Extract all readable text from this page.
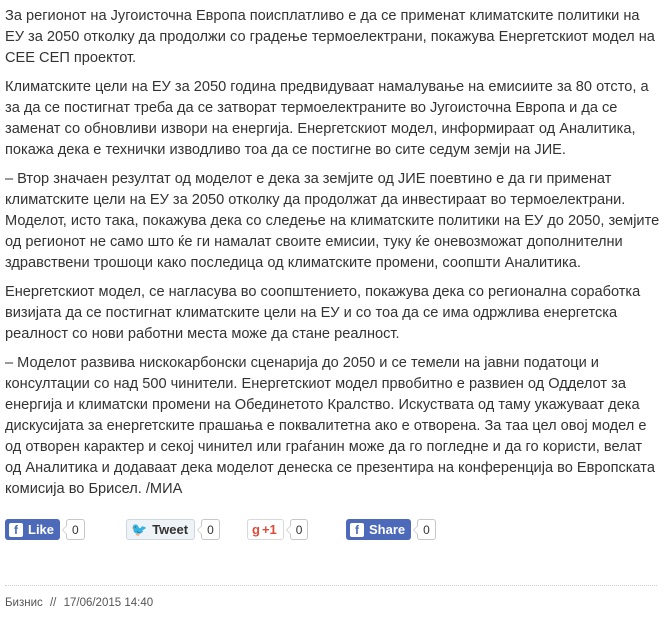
За регионот на Југоисточна Европа поисплатливо е да се применат климатските политики на ЕУ за 2050 отколку да продолжи со градење термоелектрани, покажува Енергетскиот модел на СЕЕ СЕП проектот.

Климатските цели на ЕУ за 2050 година предвидуваат намалување на емисиите за 80 отсто, а за да се постигнат треба да се затворат термоелектраните во Југоисточна Европа и да се заменат со обновливи извори на енергија. Енергетскиот модел, информираат од Аналитика, покажа дека е технички изводливо тоа да се постигне во сите седум земји на ЈИЕ.

– Втор значаен резултат од моделот е дека за земјите од ЈИЕ поевтино е да ги применат климатските цели на ЕУ за 2050 отколку да продолжат да инвестираат во термоелектрани. Моделот, исто така, покажува дека со следење на климатските политики на ЕУ до 2050, земјите од регионот не само што ќе ги намалат своите емисии, туку ќе оневозможат дополнителни здравствени трошоци како последица од климатските промени, соопшти Аналитика.

Енергетскиот модел, се нагласува во соопштението, покажува дека со регионална соработка визијата да се постигнат климатските цели на ЕУ и со тоа да се има одржлива енергетска реалност со нови работни места може да стане реалност.

– Моделот развива нискокарбонски сценарија до 2050 и се темели на јавни податоци и консултации со над 500 чинители. Енергетскиот модел првобитно е развиен од Одделот за енергија и климатски промени на Обединетото Кралство. Искуствата од таму укажуваат дека дискусијата за енергетските прашања е поквалитетна ако е отворена. За таа цел овој модел е од отворен карактер и секој чинител или граѓанин може да го погледне и да го користи, велат од Аналитика и додаваат дека моделот денеска се презентира на конференција во Европската комисија во Брисел. /МИА

f Like	0	🐦 Tweet	0	g +1	0	f Share	0
Бизнис // 17/06/2015 14:40
